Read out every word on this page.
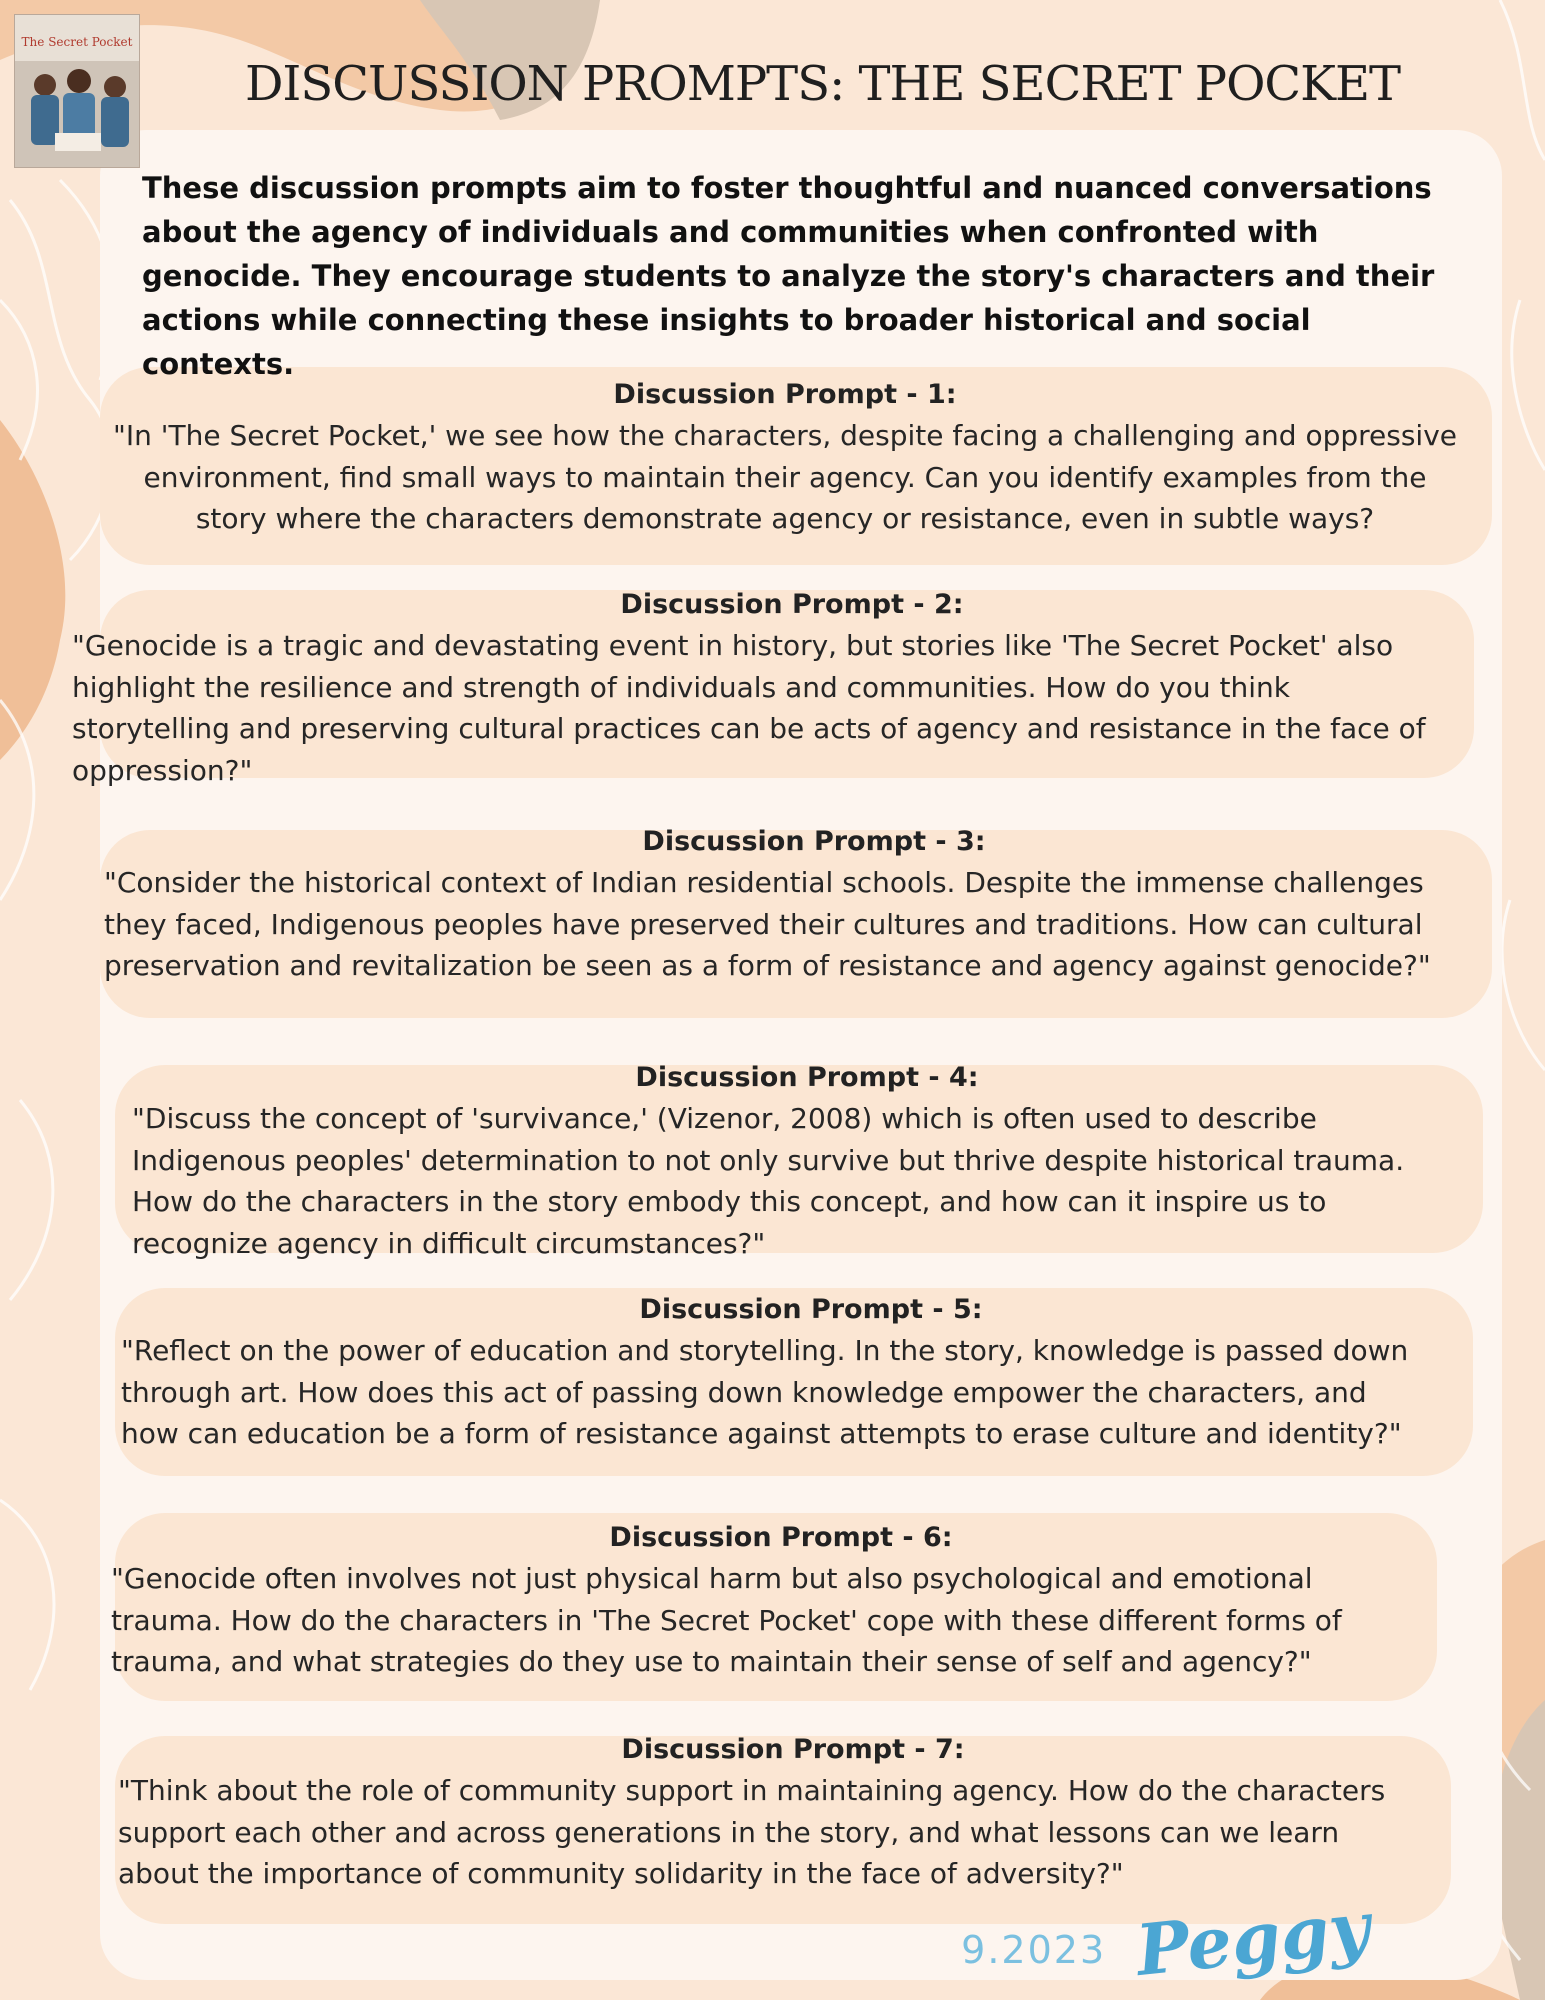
The Secret Pocket
DISCUSSION PROMPTS: THE SECRET POCKET

These discussion prompts aim to foster thoughtful and nuanced conversations about the agency of individuals and communities when confronted with genocide. They encourage students to analyze the story's characters and their actions while connecting these insights to broader historical and social contexts.

Discussion Prompt - 1:

"In 'The Secret Pocket,' we see how the characters, despite facing a challenging and oppressive
environment, find small ways to maintain their agency. Can you identify examples from the
story where the characters demonstrate agency or resistance, even in subtle ways?

Discussion Prompt - 2:

"Genocide is a tragic and devastating event in history, but stories like 'The Secret Pocket' also
highlight the resilience and strength of individuals and communities. How do you think
storytelling and preserving cultural practices can be acts of agency and resistance in the face of
oppression?"

Discussion Prompt - 3:

"Consider the historical context of Indian residential schools. Despite the immense challenges
they faced, Indigenous peoples have preserved their cultures and traditions. How can cultural
preservation and revitalization be seen as a form of resistance and agency against genocide?"

Discussion Prompt - 4:

"Discuss the concept of 'survivance,' (Vizenor, 2008) which is often used to describe
Indigenous peoples' determination to not only survive but thrive despite historical trauma.
How do the characters in the story embody this concept, and how can it inspire us to
recognize agency in difficult circumstances?"

Discussion Prompt - 5:

"Reflect on the power of education and storytelling. In the story, knowledge is passed down
through art. How does this act of passing down knowledge empower the characters, and
how can education be a form of resistance against attempts to erase culture and identity?"

Discussion Prompt - 6:

"Genocide often involves not just physical harm but also psychological and emotional
trauma. How do the characters in 'The Secret Pocket' cope with these different forms of
trauma, and what strategies do they use to maintain their sense of self and agency?"

Discussion Prompt - 7:

"Think about the role of community support in maintaining agency. How do the characters
support each other and across generations in the story, and what lessons can we learn
about the importance of community solidarity in the face of adversity?"

9.2023 Peggy
